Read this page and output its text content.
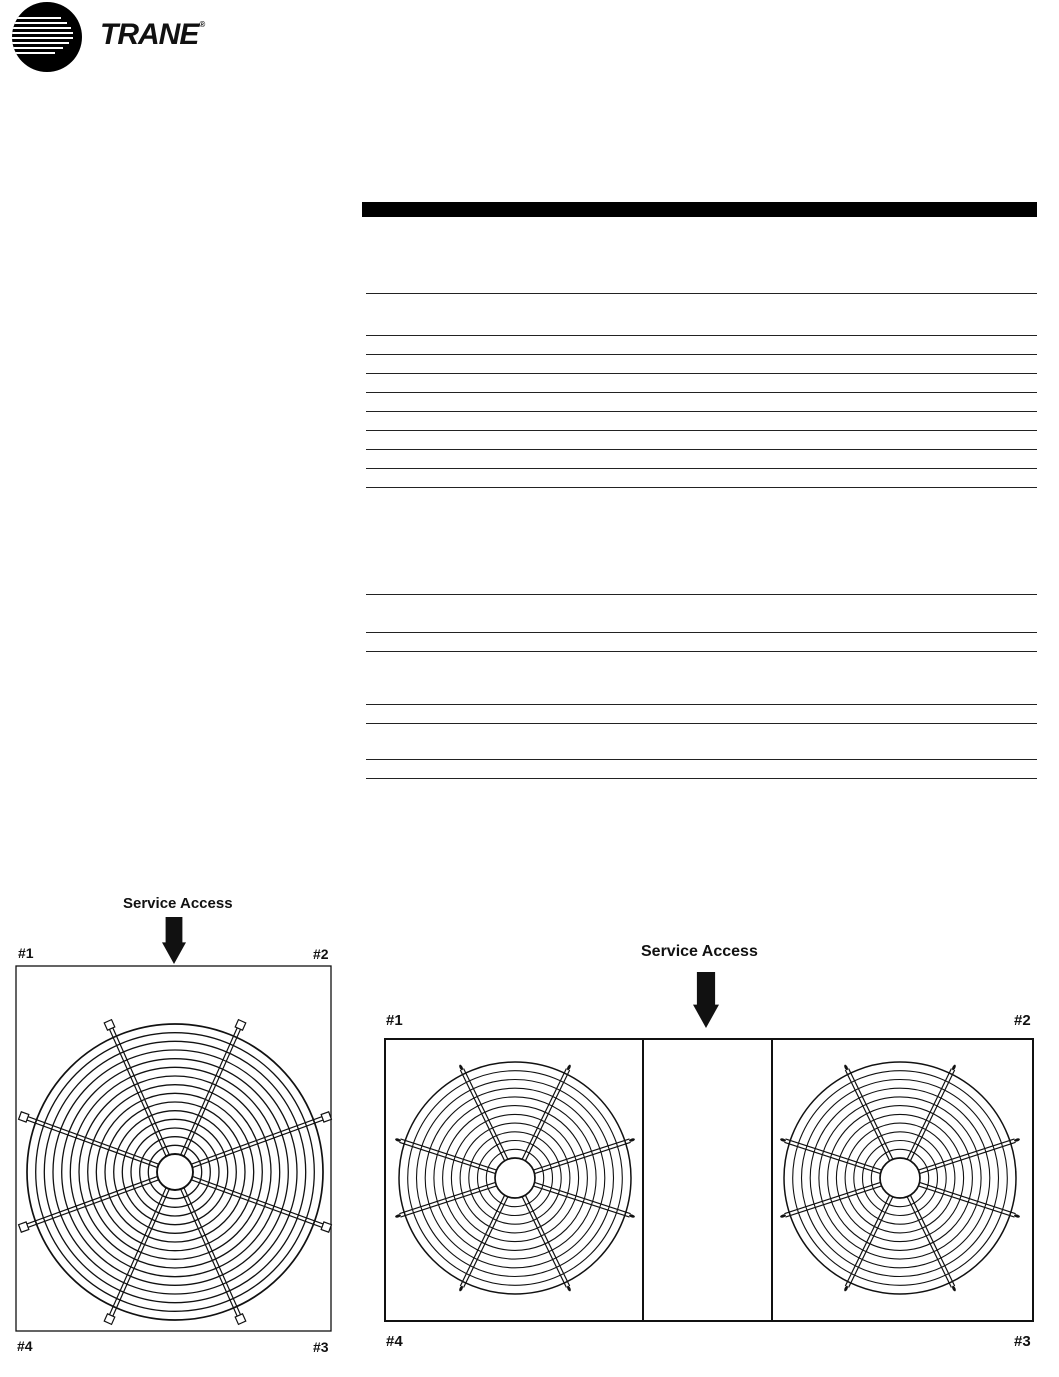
TRANE®
Service Access
#1	#2
#3
#4
Service Access
#1	#2
#3
#4
